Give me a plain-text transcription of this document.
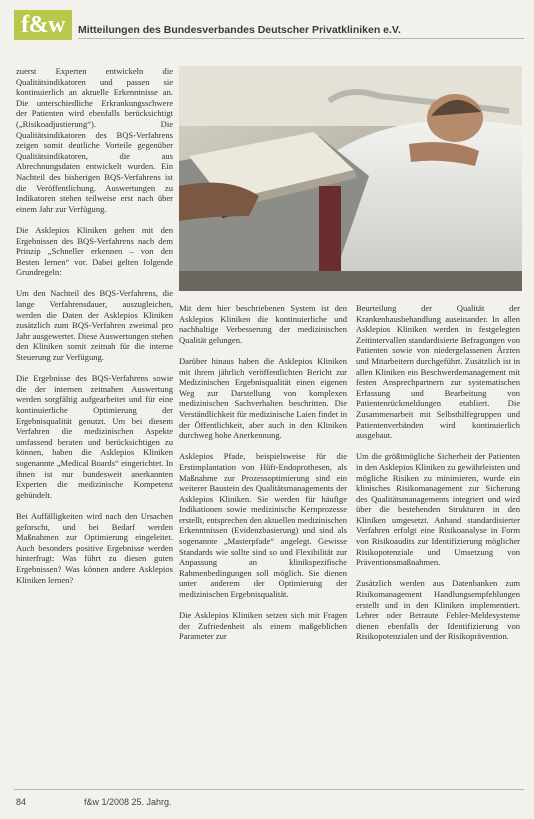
f&w	Mitteilungen des Bundesverbandes Deutscher Privatkliniken e.V.

zuerst Experten entwickeln die Qualitätsindikatoren und passen sie kontinuierlich an aktuelle Erkenntnisse an. Die unterschiedliche Erkrankungsschwere der Patienten wird ebenfalls berücksichtigt („Risikoadjustierung“). Die Qualitätsindikatoren des BQS-Verfahrens zeigen somit deutliche Vorteile gegenüber Qualitätsindikatoren, die aus Abrechnungsdaten entwickelt wurden. Ein Nachteil des bisherigen BQS-Verfahrens ist die Veröffentlichung. Auswertungen zu Indikatoren stehen teilweise erst nach über einem Jahr zur Verfügung.

Die Asklepios Kliniken gehen mit den Ergebnissen des BQS-Verfahrens nach dem Prinzip „Schneller erkennen – von den Besten lernen“ vor. Dabei gelten folgende Grundregeln:

Um den Nachteil des BQS-Verfahrens, die lange Verfahrensdauer, auszugleichen, werden die Daten der Asklepios Kliniken zusätzlich zum BQS-Verfahren zweimal pro Jahr ausgewertet. Diese Auswertungen stehen den Kliniken somit zeitnah für die interne Steuerung zur Verfügung.

Die Ergebnisse des BQS-Verfahrens sowie die der internen zeitnahen Auswertung werden sorgfältig aufgearbeitet und für eine kontinuierliche Optimierung der Ergebnisqualität genutzt. Um bei diesem Verfahren die medizinischen Aspekte umfassend beraten und berücksichtigen zu können, haben die Asklepios Kliniken sogenannte „Medical Boards“ eingerichtet. In ihnen ist nur bundesweit anerkannten Experten die medizinische Kompetenz gebündelt.

Bei Auffälligkeiten wird nach den Ursachen geforscht, und bei Bedarf werden Maßnahmen zur Optimierung eingeleitet. Auch besonders positive Ergebnisse werden hinterfragt: Was führt zu diesen guten Ergebnissen? Was können andere Asklepios Kliniken lernen?

Mit dem hier beschriebenen System ist den Asklepios Kliniken die kontinuierliche und nachhaltige Verbesserung der medizinischen Qualität gelungen.

Darüber hinaus haben die Asklepios Kliniken mit ihrem jährlich veröffentlichten Bericht zur Medizinischen Ergebnisqualität einen eigenen Weg zur Darstellung von komplexen medizinischen Sachverhalten beschritten. Die Verständlichkeit für medizinische Laien findet in der Öffentlichkeit, aber auch in den Kliniken durchweg hohe Anerkennung.

Asklepios Pfade, beispielsweise für die Erstimplantation von Hüft-Endoprothesen, als Maßnahme zur Prozessoptimierung sind ein weiterer Baustein des Qualitätsmanagements der Asklepios Kliniken. Sie werden für häufige Indikationen sowie medizinische Kernprozesse erstellt, entsprechen den aktuellen medizinischen Erkenntnissen (Evidenzbasierung) und sind als sogenannte „Masterpfade“ angelegt. Gewisse Standards wie sollte sind so und Flexibilität zur Anpassung an klinikspezifische Rahmenbedingungen soll möglich. Sie dienen unter anderem der Optimierung der medizinischen Ergebnisqualität.

Die Asklepios Kliniken setzen sich mit Fragen der Zufriedenheit als einem maßgeblichen Parameter zur

Beurteilung der Qualität der Krankenhausbehandlung auseinander. In allen Asklepios Kliniken werden in festgelegten Zeitintervallen standardisierte Befragungen von Patienten sowie von niedergelassenen Ärzten und Mitarbeitern durchgeführt. Zusätzlich ist in allen Kliniken ein Beschwerdemanagement mit festen Ansprechpartnern zur systematischen Erfassung und Bearbeitung von Patientenrückmeldungen etabliert. Die Zusammenarbeit mit Selbsthilfegruppen und Patientenverbänden wird kontinuierlich ausgebaut.

Um die größtmögliche Sicherheit der Patienten in den Asklepios Kliniken zu gewährleisten und mögliche Risiken zu minimieren, wurde ein klinisches Risikomanagement zur Sicherung des Qualitätsmanagements integriert und wird über die bestehenden Strukturen in den Kliniken umgesetzt. Anhand standardisierter Verfahren erfolgt eine Risikoanalyse in Form von Risikoaudits zur Identifizierung möglicher Risikopotenziale und Umsetzung von Präventionsmaßnahmen.

Zusätzlich werden aus Datenbanken zum Risikomanagement Handlungsempfehlungen erstellt und in den Kliniken implementiert. Lehrer oder Betraute Fehler-Meldesysteme dienen ebenfalls der Identifizierung von Risikopotenzialen und der Risikoprävention.

84	f&w 1/2008 25. Jahrg.
